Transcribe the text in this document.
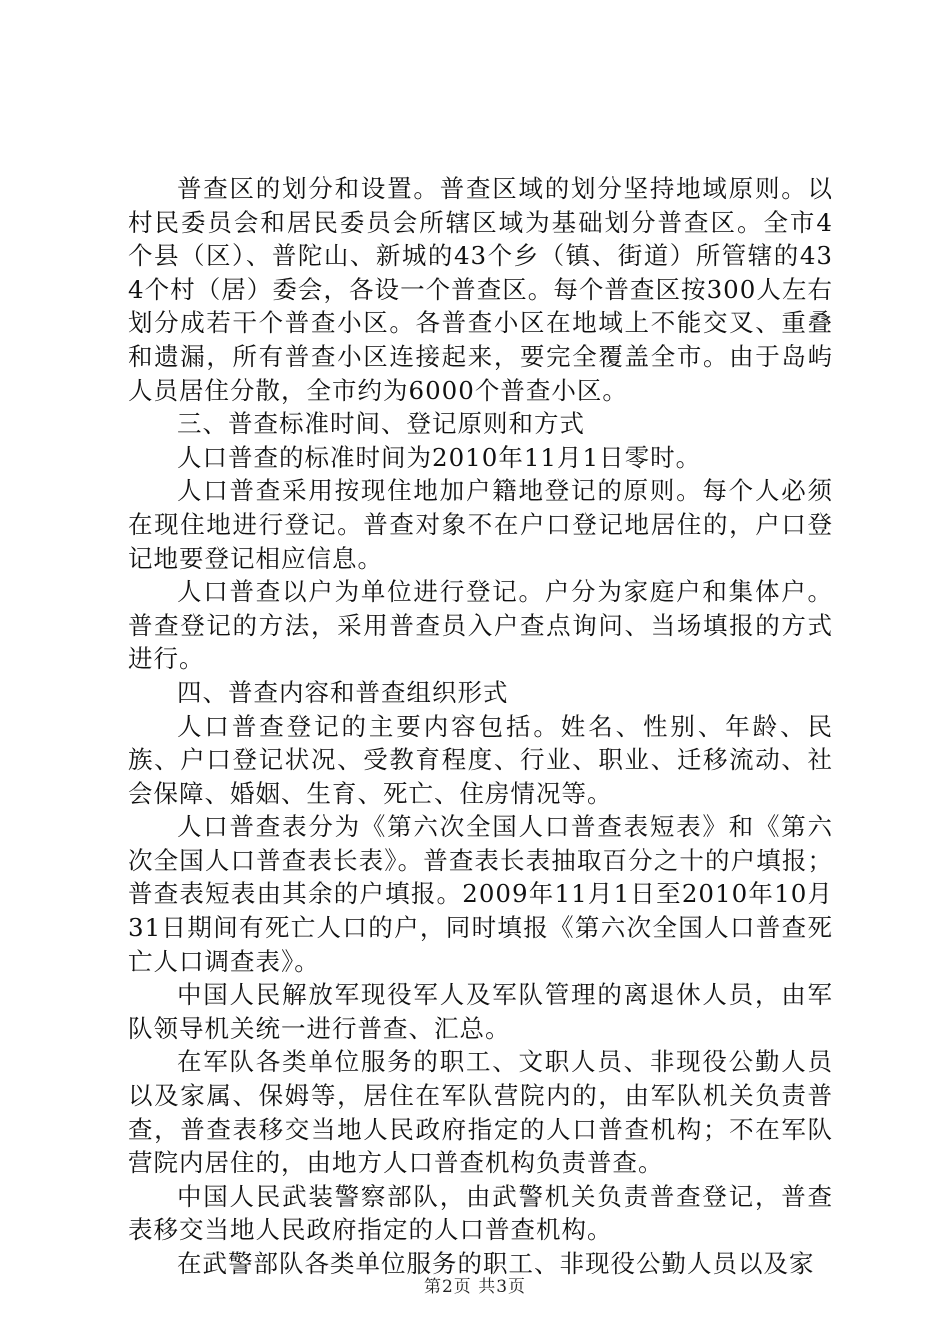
普查区的划分和设置。普查区域的划分坚持地域原则。以村民委员会和居民委员会所辖区域为基础划分普查区。全市4个县（区）、普陀山、新城的43个乡（镇、街道）所管辖的434个村（居）委会，各设一个普查区。每个普查区按300人左右划分成若干个普查小区。各普查小区在地域上不能交叉、重叠和遗漏，所有普查小区连接起来，要完全覆盖全市。由于岛屿人员居住分散，全市约为6000个普查小区。

三、普查标准时间、登记原则和方式

人口普查的标准时间为2010年11月1日零时。

人口普查采用按现住地加户籍地登记的原则。每个人必须在现住地进行登记。普查对象不在户口登记地居住的，户口登记地要登记相应信息。

人口普查以户为单位进行登记。户分为家庭户和集体户。普查登记的方法，采用普查员入户查点询问、当场填报的方式进行。

四、普查内容和普查组织形式

人口普查登记的主要内容包括。姓名、性别、年龄、民族、户口登记状况、受教育程度、行业、职业、迁移流动、社会保障、婚姻、生育、死亡、住房情况等。

人口普查表分为《第六次全国人口普查表短表》和《第六次全国人口普查表长表》。普查表长表抽取百分之十的户填报；普查表短表由其余的户填报。2009年11月1日至2010年10月31日期间有死亡人口的户，同时填报《第六次全国人口普查死亡人口调查表》。

中国人民解放军现役军人及军队管理的离退休人员，由军队领导机关统一进行普查、汇总。

在军队各类单位服务的职工、文职人员、非现役公勤人员以及家属、保姆等，居住在军队营院内的，由军队机关负责普查，普查表移交当地人民政府指定的人口普查机构；不在军队营院内居住的，由地方人口普查机构负责普查。

中国人民武装警察部队，由武警机关负责普查登记，普查表移交当地人民政府指定的人口普查机构。

在武警部队各类单位服务的职工、非现役公勤人员以及家

第2页 共3页
